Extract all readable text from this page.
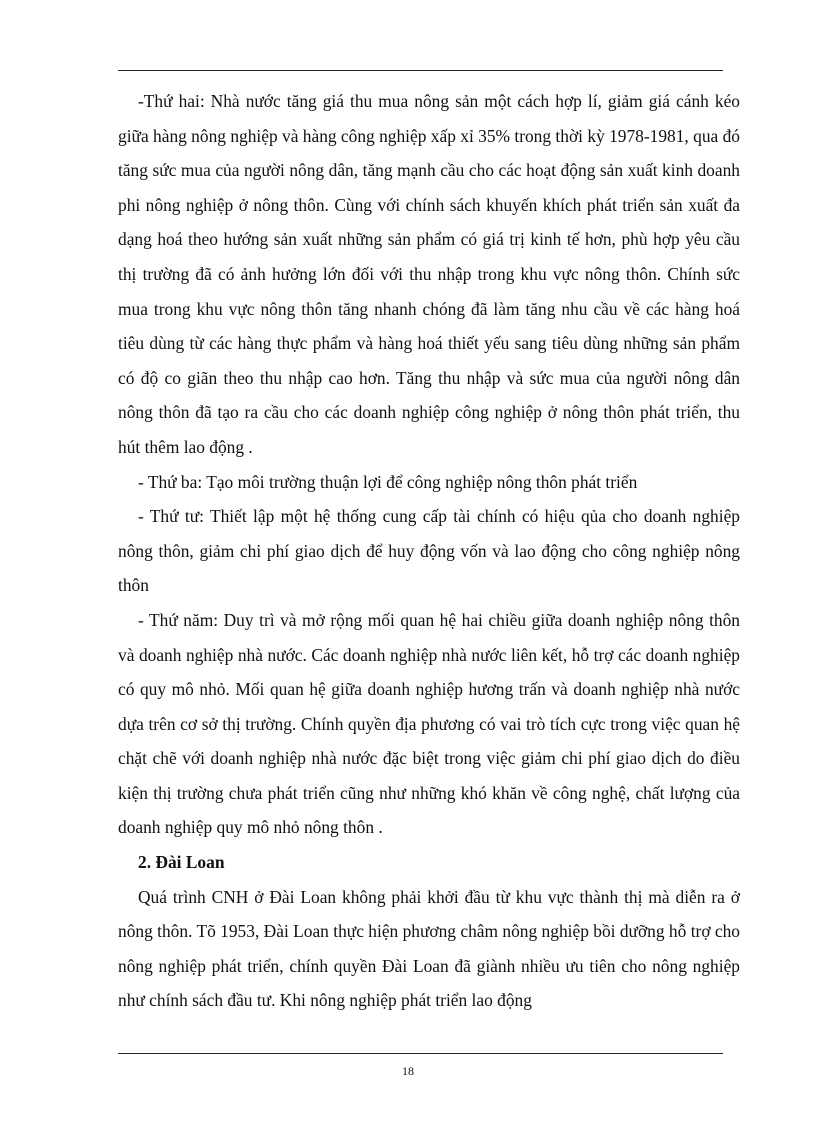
-Thứ hai: Nhà nước tăng giá thu mua nông sản một cách hợp lí, giảm giá cánh kéo giữa hàng nông nghiệp và hàng công nghiệp xấp xỉ 35% trong thời kỳ 1978-1981, qua đó tăng sức mua của người nông dân, tăng mạnh cầu cho các hoạt động sản xuất kinh doanh phi nông nghiệp ở nông thôn. Cùng với chính sách khuyến khích phát triển sản xuất đa dạng hoá theo hướng sản xuất những sản phẩm có giá trị kinh tế hơn, phù hợp yêu cầu thị trường đã có ảnh hưởng lớn đối với thu nhập trong khu vực nông thôn. Chính sức mua trong khu vực nông thôn tăng nhanh chóng đã làm tăng nhu cầu về các hàng hoá tiêu dùng từ các hàng thực phẩm và hàng hoá thiết yếu sang tiêu dùng những sản phẩm có độ co giãn theo thu nhập cao hơn. Tăng thu nhập và sức mua của người nông dân nông thôn đã tạo ra cầu cho các doanh nghiệp công nghiệp ở nông thôn phát triển, thu hút thêm lao động .

- Thứ ba: Tạo môi trường thuận lợi để công nghiệp nông thôn phát triển

- Thứ tư: Thiết lập một hệ thống cung cấp tài chính có hiệu qủa cho doanh nghiệp nông thôn, giảm chi phí giao dịch để huy động vốn và lao động cho công nghiệp nông thôn

- Thứ năm: Duy trì và mở rộng mối quan hệ hai chiều giữa doanh nghiệp nông thôn và doanh nghiệp nhà nước. Các doanh nghiệp nhà nước liên kết, hỗ trợ các doanh nghiệp có quy mô nhỏ. Mối quan hệ giữa doanh nghiệp hương trấn và doanh nghiệp nhà nước dựa trên cơ sở thị trường. Chính quyền địa phương có vai trò tích cực trong việc quan hệ chặt chẽ với doanh nghiệp nhà nước đặc biệt trong việc giảm chi phí giao dịch do điều kiện thị trường chưa phát triển cũng như những khó khăn về công nghệ, chất lượng của doanh nghiệp quy mô nhỏ nông thôn .

2. Đài Loan

Quá trình CNH ở Đài Loan không phải khởi đầu từ khu vực thành thị mà diễn ra ở nông thôn. Tõ 1953, Đài Loan thực hiện phương châm nông nghiệp bồi dưỡng hỗ trợ cho nông nghiệp phát triển, chính quyền Đài Loan đã giành nhiều ưu tiên cho nông nghiệp như chính sách đầu tư. Khi nông nghiệp phát triển lao động

18
